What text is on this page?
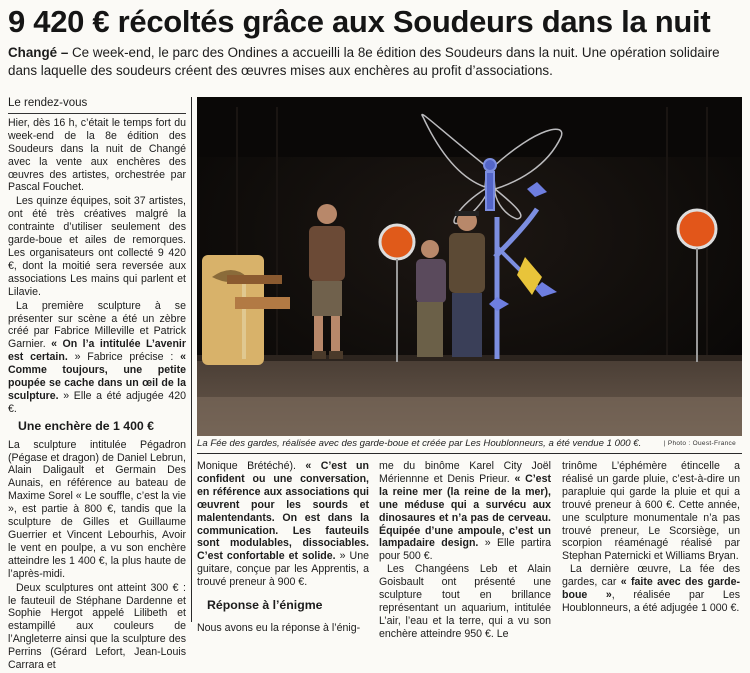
9 420 € récoltés grâce aux Soudeurs dans la nuit

Changé – Ce week-end, le parc des Ondines a accueilli la 8e édition des Soudeurs dans la nuit. Une opération solidaire dans laquelle des soudeurs créent des œuvres mises aux enchères au profit d’associations.

Le rendez-vous

Hier, dès 16 h, c’était le temps fort du week-end de la 8e édition des Soudeurs dans la nuit de Changé avec la vente aux enchères des œuvres des artistes, orchestrée par Pascal Fouchet.

Les quinze équipes, soit 37 artistes, ont été très créatives malgré la contrainte d’utiliser seulement des garde-boue et ailes de remorques. Les organisateurs ont collecté 9 420 €, dont la moitié sera reversée aux associations Les mains qui parlent et Lilavie.

La première sculpture à se présenter sur scène a été un zèbre créé par Fabrice Milleville et Patrick Garnier. « On l’a intitulée L’avenir est certain. » Fabrice précise : « Comme toujours, une petite poupée se cache dans un œil de la sculpture. » Elle a été adjugée 420 €.

Une enchère de 1 400 €

La sculpture intitulée Pégadron (Pégase et dragon) de Daniel Lebrun, Alain Daligault et Germain Des Aunais, en référence au bateau de Maxime Sorel « Le souffle, c’est la vie », est partie à 800 €, tandis que la sculpture de Gilles et Guillaume Guerrier et Vincent Lebourhis, Avoir le vent en poulpe, a vu son enchère atteindre les 1 400 €, la plus haute de l’après-midi.

Deux sculptures ont atteint 300 € : le fauteuil de Stéphane Dardenne et Sophie Hergot appelé Lilibeth et estampillé aux couleurs de l’Angleterre ainsi que la sculpture des Perrins (Gérard Lefort, Jean-Louis Carrara et

La Fée des gardes, réalisée avec des garde-boue et créée par Les Houblonneurs, a été vendue 1 000 €.	| Photo : Ouest-France

Monique Brétéché). « C’est un confident ou une conversation, en référence aux associations qui œuvrent pour les sourds et malentendants. On est dans la communication. Les fauteuils sont modulables, dissociables. C’est confortable et solide. » Une guitare, conçue par les Apprentis, a trouvé preneur à 900 €.

Réponse à l’énigme

Nous avons eu la réponse à l’énig-

me du binôme Karel City Joël Mériennne et Denis Prieur. « C’est la reine mer (la reine de la mer), une méduse qui a survécu aux dinosaures et n’a pas de cerveau. Équipée d’une ampoule, c’est un lampadaire design. » Elle partira pour 500 €.

Les Changéens Leb et Alain Goisbault ont présenté une sculpture tout en brillance représentant un aquarium, intitulée L’air, l’eau et la terre, qui a vu son enchère atteindre 950 €. Le

trinôme L’éphémère étincelle a réalisé un garde pluie, c’est-à-dire un parapluie qui garde la pluie et qui a trouvé preneur à 600 €. Cette année, une sculpture monumentale n’a pas trouvé preneur, Le Scorsiège, un scorpion réaménagé réalisé par Stephan Paternicki et Williams Bryan.

La dernière œuvre, La fée des gardes, car « faite avec des garde-boue », réalisée par Les Houblonneurs, a été adjugée 1 000 €.
